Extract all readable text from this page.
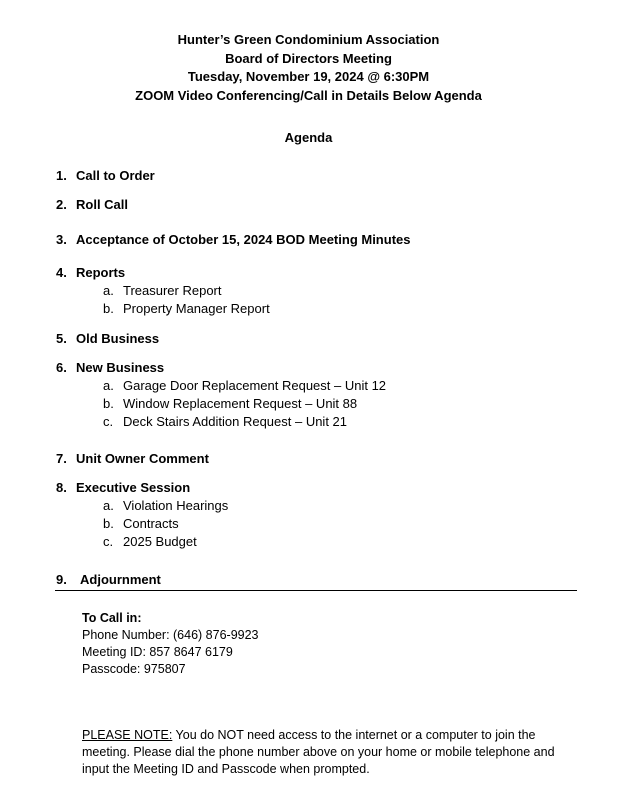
Hunter’s Green Condominium Association
Board of Directors Meeting
Tuesday, November 19, 2024 @ 6:30PM
ZOOM Video Conferencing/Call in Details Below Agenda
Agenda
1. Call to Order
2. Roll Call
3. Acceptance of October 15, 2024 BOD Meeting Minutes
4. Reports
a. Treasurer Report
b. Property Manager Report
5. Old Business
6. New Business
a. Garage Door Replacement Request – Unit 12
b. Window Replacement Request – Unit 88
c. Deck Stairs Addition Request – Unit 21
7. Unit Owner Comment
8. Executive Session
a. Violation Hearings
b. Contracts
c. 2025 Budget
9. Adjournment
To Call in:
Phone Number: (646) 876-9923
Meeting ID: 857 8647 6179
Passcode: 975807
PLEASE NOTE: You do NOT need access to the internet or a computer to join the meeting. Please dial the phone number above on your home or mobile telephone and input the Meeting ID and Passcode when prompted.
